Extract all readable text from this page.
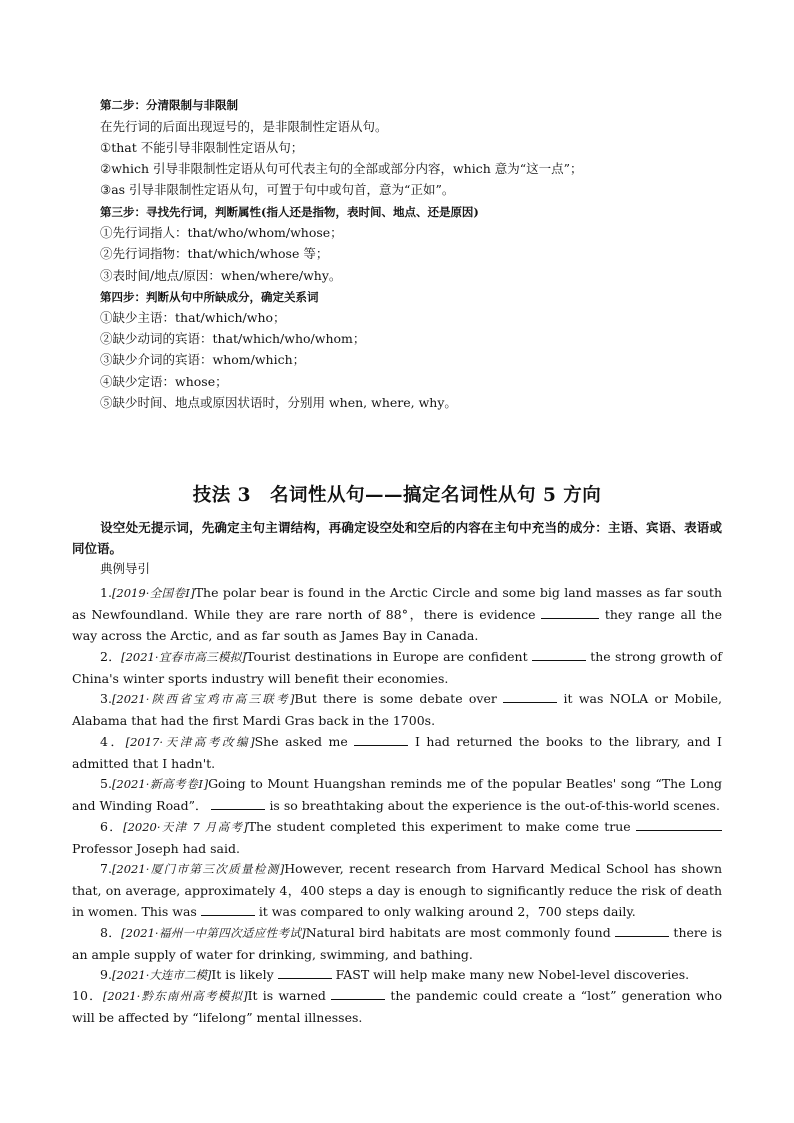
第二步：分清限制与非限制
在先行词的后面出现逗号的，是非限制性定语从句。
①that 不能引导非限制性定语从句；
②which 引导非限制性定语从句可代表主句的全部或部分内容，which 意为“这一点”；
③as 引导非限制性定语从句，可置于句中或句首，意为“正如”。
第三步：寻找先行词，判断属性(指人还是指物，表时间、地点、还是原因)
①先行词指人：that/who/whom/whose；
②先行词指物：that/which/whose 等；
③表时间/地点/原因：when/where/why。
第四步：判断从句中所缺成分，确定关系词
①缺少主语：that/which/who；
②缺少动词的宾语：that/which/who/whom；
③缺少介词的宾语：whom/which；
④缺少定语：whose；
⑤缺少时间、地点或原因状语时，分别用 when, where, why。
技法 3　名词性从句——搞定名词性从句 5 方向
设空处无提示词，先确定主句主谓结构，再确定设空处和空后的内容在主句中充当的成分：主语、宾语、表语或同位语。
典例导引
1.[2019·全国卷Ⅰ]The polar bear is found in the Arctic Circle and some big land masses as far south as Newfoundland. While they are rare north of 88°，there is evidence	they range all the way across the Arctic, and as far south as James Bay in Canada.
2．[2021·宜春市高三模拟]Tourist destinations in Europe are confident	the strong growth of China's winter sports industry will benefit their economies.
3.[2021·陕西省宝鸡市高三联考]But there is some debate over	it was NOLA or Mobile, Alabama that had the first Mardi Gras back in the 1700s.
4．[2017·天津高考改编]She asked me	I had returned the books to the library, and I admitted that I hadn't.
5.[2021·新高考卷Ⅰ]Going to Mount Huangshan reminds me of the popular Beatles' song “The Long and Winding Road”．	is so breathtaking about the experience is the out-of-this-world scenes.
6．[2020·天津 7 月高考]The student completed this experiment to make come true  Professor Joseph had said.
7.[2021·厦门市第三次质量检测]However, recent research from Harvard Medical School has shown that, on average, approximately 4，400 steps a day is enough to significantly reduce the risk of death in women. This was	it was compared to only walking around 2，700 steps daily.
8．[2021·福州一中第四次适应性考试]Natural bird habitats are most commonly found	there is an ample supply of water for drinking, swimming, and bathing.
9.[2021·大连市二模]It is likely	FAST will help make many new Nobel-level discoveries.
10．[2021·黔东南州高考模拟]It is warned	the pandemic could create a “lost” generation who will be affected by “lifelong” mental illnesses.
